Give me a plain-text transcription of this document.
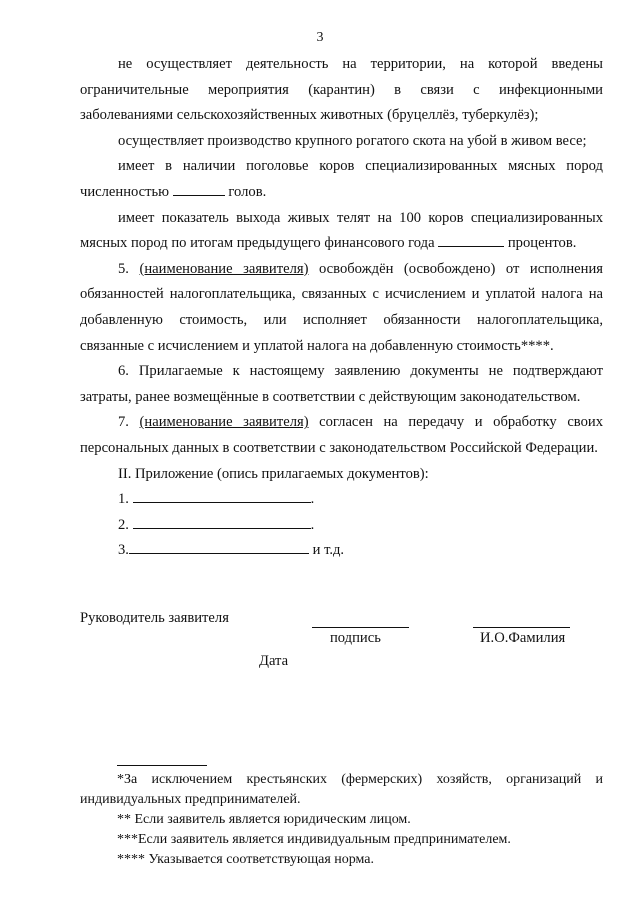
3

не осуществляет деятельность на территории, на которой введены ограничительные мероприятия (карантин) в связи с инфекционными заболеваниями сельскохозяйственных животных (бруцеллёз, туберкулёз);

осуществляет производство крупного рогатого скота на убой в живом весе;

имеет в наличии поголовье коров специализированных мясных пород численностью	голов.

имеет показатель выхода живых телят на 100 коров специализированных мясных пород по итогам предыдущего финансового года	процентов.

5. (наименование заявителя) освобождён (освобождено) от исполнения обязанностей налогоплательщика, связанных с исчислением и уплатой налога на добавленную стоимость, или исполняет обязанности налогоплательщика, связанные с исчислением и уплатой налога на добавленную стоимость****.

6. Прилагаемые к настоящему заявлению документы не подтверждают затраты, ранее возмещённые в соответствии с действующим законодательством.

7. (наименование заявителя) согласен на передачу и обработку своих персональных данных в соответствии с законодательством Российской Федерации.

II. Приложение (опись прилагаемых документов):

1.	.

2.	.

3.	и т.д.

Руководитель заявителя
подпись	И.О.Фамилия
Дата

*За исключением крестьянских (фермерских) хозяйств, организаций и индивидуальных предпринимателей.

** Если заявитель является юридическим лицом.

***Если заявитель является индивидуальным предпринимателем.

**** Указывается соответствующая норма.
